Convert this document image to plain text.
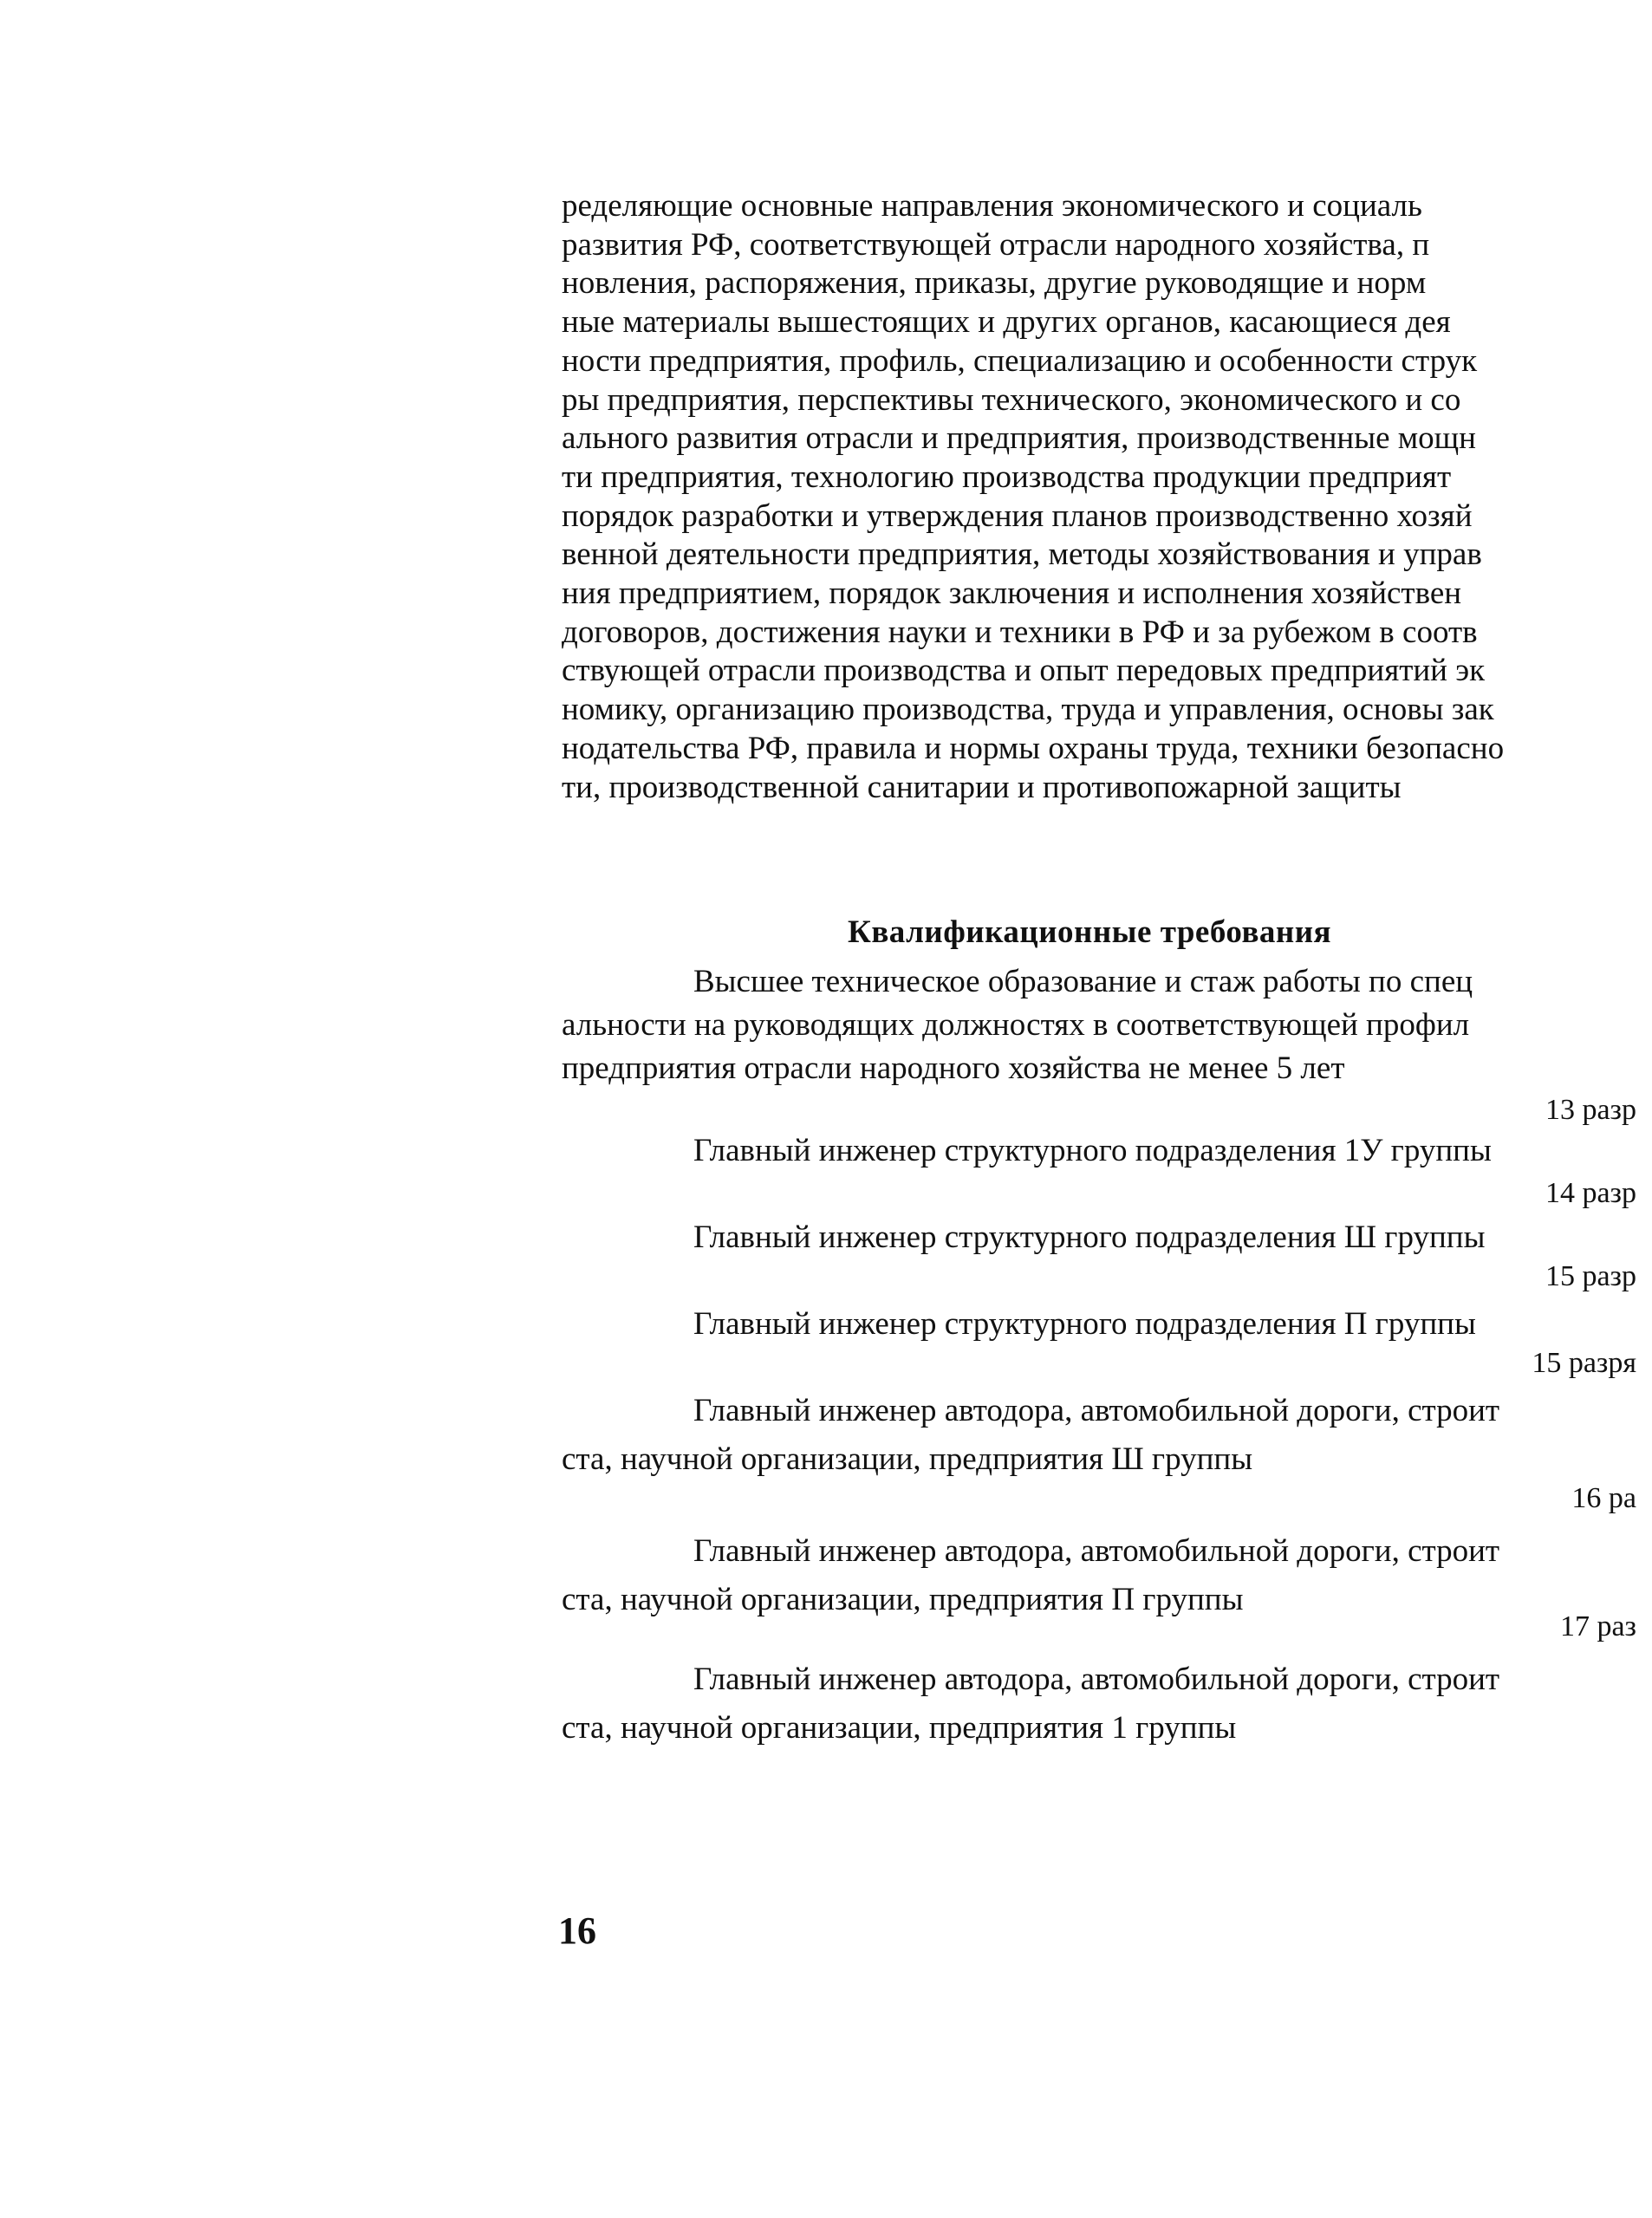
ределяющие основные направления экономического и социаль
развития РФ, соответствующей отрасли народного хозяйства, п
новления, распоряжения, приказы, другие руководящие и норм
ные материалы вышестоящих и других органов, касающиеся дея
ности предприятия, профиль, специализацию и особенности струк
ры предприятия, перспективы технического, экономического и со
ального развития отрасли и предприятия, производственные мощн
ти предприятия, технологию производства продукции предприят
порядок разработки и утверждения планов производственно хозяй
венной деятельности предприятия, методы хозяйствования и управ
ния предприятием, порядок заключения и исполнения хозяйствен
договоров, достижения науки и техники в РФ и за рубежом в соотв
ствующей отрасли производства и опыт передовых предприятий эк
номику, организацию производства, труда и управления, основы зак
нодательства РФ, правила и нормы охраны труда, техники безопасно
ти, производственной санитарии и противопожарной защиты
Квалификационные требования
Высшее техническое образование и стаж работы по спец
альности на руководящих должностях в соответствующей профил
предприятия отрасли народного хозяйства не менее 5 лет
13 разр
Главный инженер структурного подразделения 1У группы
14 разр
Главный инженер структурного подразделения Ш группы
15 разр
Главный инженер структурного подразделения П группы
15 разря
Главный инженер автодора, автомобильной дороги, строит
ста, научной организации, предприятия Ш группы
16 ра
Главный инженер автодора, автомобильной дороги, строит
ста, научной организации, предприятия П группы
17 раз
Главный инженер автодора, автомобильной дороги, строит
ста, научной организации, предприятия 1 группы
16
